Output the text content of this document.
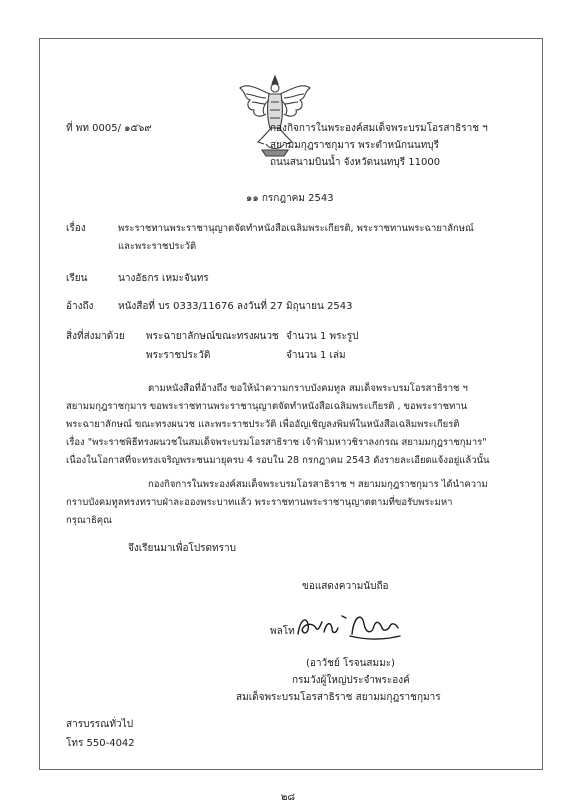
ที่ พท 0005/ ๑๕๖๙	กองกิจการในพระองค์สมเด็จพระบรมโอรสาธิราช ฯ
สยามมกุฎราชกุมาร พระตำหนักนนทบุรี
ถนนสนามบินน้ำ จังหวัดนนทบุรี 11000
๑๑ กรกฎาคม 2543
เรื่อง	พระราชทานพระราชานุญาตจัดทำหนังสือเฉลิมพระเกียรติ, พระราชทานพระฉายาลักษณ์
และพระราชประวัติ
เรียน	นางอัธกร เหมะจันทร
อ้างถึง หนังสือที่ บร 0333/11676 ลงวันที่ 27 มิถุนายน 2543
สิ่งที่ส่งมาด้วย พระฉายาลักษณ์ขณะทรงผนวช จำนวน 1 พระรูป
พระราชประวัติ	จำนวน 1 เล่ม
ตามหนังสือที่อ้างถึง ขอให้นำความกราบบังคมทูล สมเด็จพระบรมโอรสาธิราช ฯ
สยามมกุฎราชกุมาร ขอพระราชทานพระราชานุญาตจัดทำหนังสือเฉลิมพระเกียรติ , ขอพระราชทาน
พระฉายาลักษณ์ ขณะทรงผนวช และพระราชประวัติ เพื่ออัญเชิญลงพิมพ์ในหนังสือเฉลิมพระเกียรติ
เรื่อง "พระราชพิธีทรงผนวชในสมเด็จพระบรมโอรสาธิราช เจ้าฟ้ามหาวชิราลงกรณ สยามมกุฎราชกุมาร"
เนื่องในโอกาสที่จะทรงเจริญพระชนมายุครบ 4 รอบใน 28 กรกฎาคม 2543 ดังรายละเอียดแจ้งอยู่แล้วนั้น
กองกิจการในพระองค์สมเด็จพระบรมโอรสาธิราช ฯ สยามมกุฎราชกุมาร ได้นำความ
กราบบังคมทูลทรงทราบฝ่าละอองพระบาทแล้ว พระราชทานพระราชานุญาตตามที่ขอรับพระมหา
กรุณาธิคุณ
จึงเรียนมาเพื่อโปรดทราบ
ขอแสดงความนับถือ
พลโท
(อาวัชย์ โรจนสมมะ)
กรมวังผู้ใหญ่ประจำพระองค์
สมเด็จพระบรมโอรสาธิราช สยามมกุฎราชกุมาร
สารบรรณทั่วไป
โทร 550-4042
๒๘
